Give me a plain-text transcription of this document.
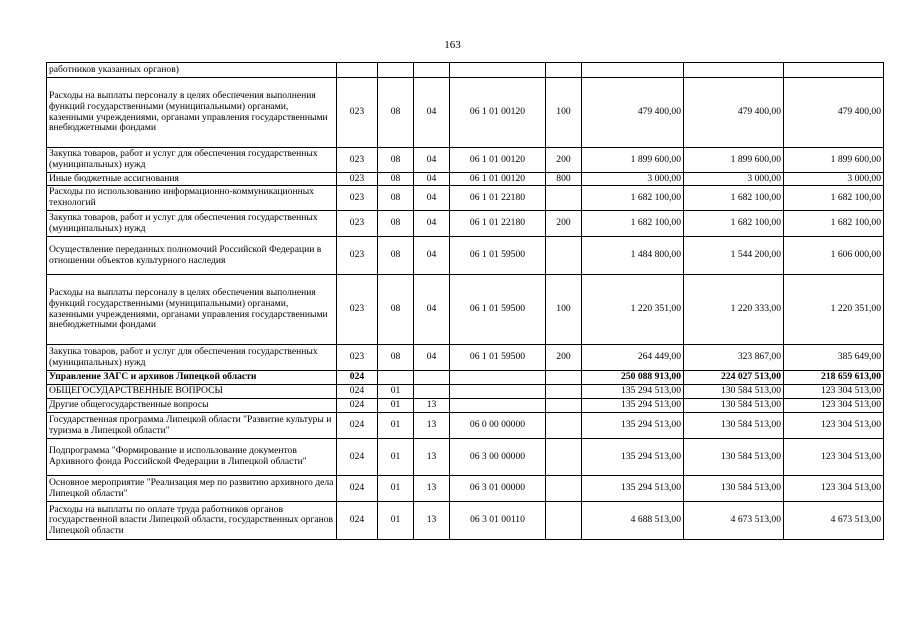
163
работников указанных органов)								
Расходы на выплаты персоналу в целях обеспечения выполнения функций государственными (муниципальными) органами, казенными учреждениями, органами управления государственными внебюджетными фондами	023	08	04	06 1 01 00120	100	479 400,00	479 400,00	479 400,00
Закупка товаров, работ и услуг для обеспечения государственных (муниципальных) нужд	023	08	04	06 1 01 00120	200	1 899 600,00	1 899 600,00	1 899 600,00
Иные бюджетные ассигнования	023	08	04	06 1 01 00120	800	3 000,00	3 000,00	3 000,00
Расходы по использованию информационно-коммуникационных технологий	023	08	04	06 1 01 22180		1 682 100,00	1 682 100,00	1 682 100,00
Закупка товаров, работ и услуг для обеспечения государственных (муниципальных) нужд	023	08	04	06 1 01 22180	200	1 682 100,00	1 682 100,00	1 682 100,00
Осуществление переданных полномочий Российской Федерации в отношении объектов культурного наследия	023	08	04	06 1 01 59500		1 484 800,00	1 544 200,00	1 606 000,00
Расходы на выплаты персоналу в целях обеспечения выполнения функций государственными (муниципальными) органами, казенными учреждениями, органами управления государственными внебюджетными фондами	023	08	04	06 1 01 59500	100	1 220 351,00	1 220 333,00	1 220 351,00
Закупка товаров, работ и услуг для обеспечения государственных (муниципальных) нужд	023	08	04	06 1 01 59500	200	264 449,00	323 867,00	385 649,00
Управление ЗАГС и архивов Липецкой области	024					250 088 913,00	224 027 513,00	218 659 613,00
ОБЩЕГОСУДАРСТВЕННЫЕ ВОПРОСЫ	024	01				135 294 513,00	130 584 513,00	123 304 513,00
Другие общегосударственные вопросы	024	01	13			135 294 513,00	130 584 513,00	123 304 513,00
Государственная программа Липецкой области "Развитие культуры и туризма в Липецкой области"	024	01	13	06 0 00 00000		135 294 513,00	130 584 513,00	123 304 513,00
Подпрограмма "Формирование и использование документов Архивного фонда Российской Федерации в Липецкой области"	024	01	13	06 3 00 00000		135 294 513,00	130 584 513,00	123 304 513,00
Основное мероприятие "Реализация мер по развитию архивного дела Липецкой области"	024	01	13	06 3 01 00000		135 294 513,00	130 584 513,00	123 304 513,00
Расходы на выплаты по оплате труда работников органов государственной власти Липецкой области, государственных органов Липецкой области	024	01	13	06 3 01 00110		4 688 513,00	4 673 513,00	4 673 513,00
